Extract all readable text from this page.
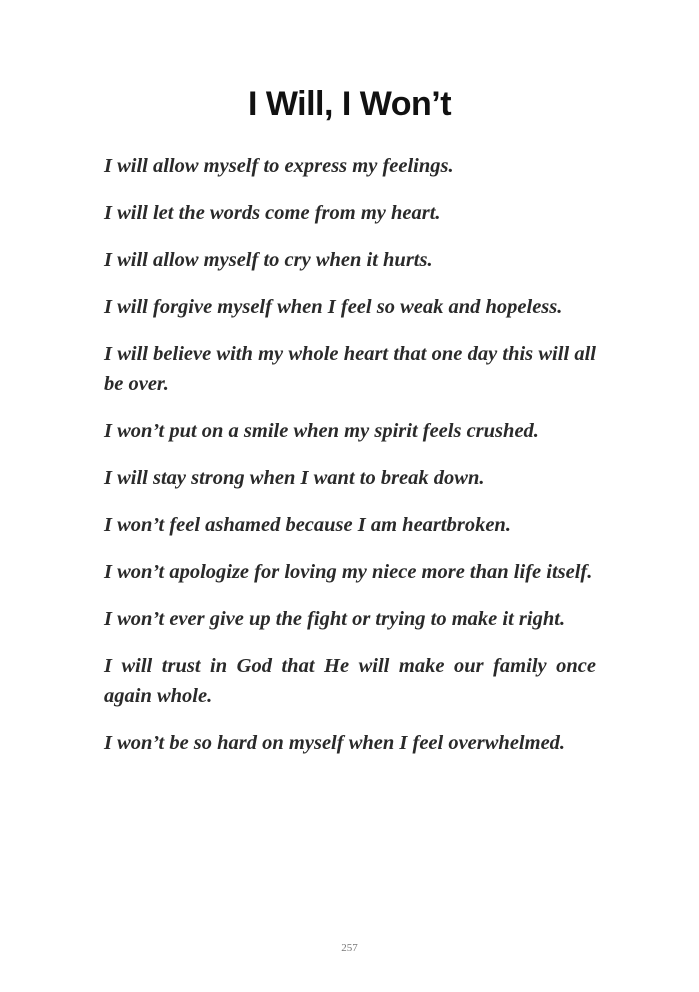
I Will, I Won’t
I will allow myself to express my feelings.
I will let the words come from my heart.
I will allow myself to cry when it hurts.
I will forgive myself when I feel so weak and hopeless.
I will believe with my whole heart that one day this will all be over.
I won’t put on a smile when my spirit feels crushed.
I will stay strong when I want to break down.
I won’t feel ashamed because I am heartbroken.
I won’t apologize for loving my niece more than life itself.
I won’t ever give up the fight or trying to make it right.
I will trust in God that He will make our family once again whole.
I won’t be so hard on myself when I feel overwhelmed.

257
